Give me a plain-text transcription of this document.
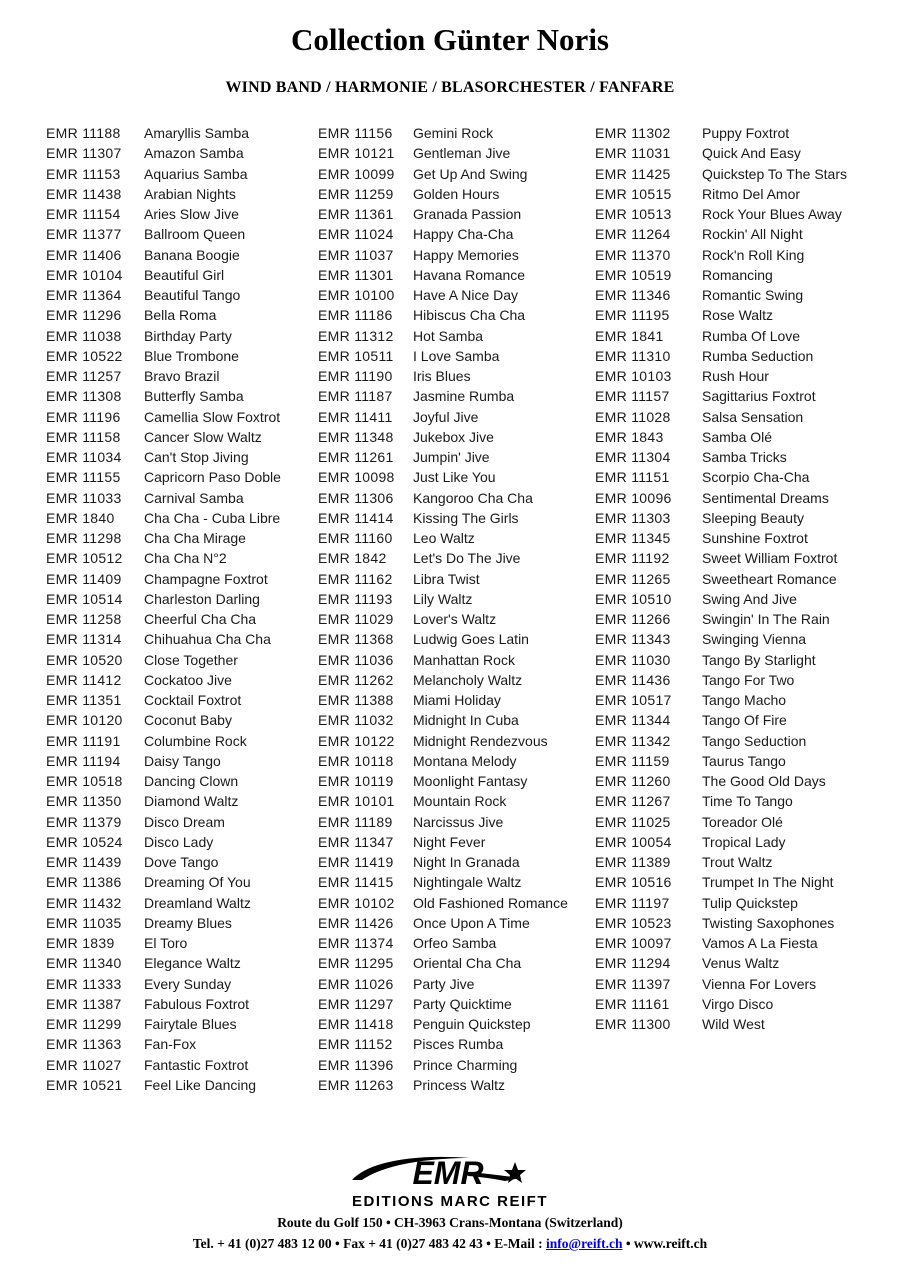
Collection Günter Noris
WIND BAND / HARMONIE / BLASORCHESTER / FANFARE
EMR 11188	Amaryllis Samba
EMR 11307	Amazon Samba
EMR 11153	Aquarius Samba
EMR 11438	Arabian Nights
EMR 11154	Aries Slow Jive
EMR 11377	Ballroom Queen
EMR 11406	Banana Boogie
EMR 10104	Beautiful Girl
EMR 11364	Beautiful Tango
EMR 11296	Bella Roma
EMR 11038	Birthday Party
EMR 10522	Blue Trombone
EMR 11257	Bravo Brazil
EMR 11308	Butterfly Samba
EMR 11196	Camellia Slow Foxtrot
EMR 11158	Cancer Slow Waltz
EMR 11034	Can't Stop Jiving
EMR 11155	Capricorn Paso Doble
EMR 11033	Carnival Samba
EMR 1840	Cha Cha - Cuba Libre
EMR 11298	Cha Cha Mirage
EMR 10512	Cha Cha N°2
EMR 11409	Champagne Foxtrot
EMR 10514	Charleston Darling
EMR 11258	Cheerful Cha Cha
EMR 11314	Chihuahua Cha Cha
EMR 10520	Close Together
EMR 11412	Cockatoo Jive
EMR 11351	Cocktail Foxtrot
EMR 10120	Coconut Baby
EMR 11191	Columbine Rock
EMR 11194	Daisy Tango
EMR 10518	Dancing Clown
EMR 11350	Diamond Waltz
EMR 11379	Disco Dream
EMR 10524	Disco Lady
EMR 11439	Dove Tango
EMR 11386	Dreaming Of You
EMR 11432	Dreamland Waltz
EMR 11035	Dreamy Blues
EMR 1839	El Toro
EMR 11340	Elegance Waltz
EMR 11333	Every Sunday
EMR 11387	Fabulous Foxtrot
EMR 11299	Fairytale Blues
EMR 11363	Fan-Fox
EMR 11027	Fantastic Foxtrot
EMR 10521	Feel Like Dancing
EMR 11156	Gemini Rock
EMR 10121	Gentleman Jive
EMR 10099	Get Up And Swing
EMR 11259	Golden Hours
EMR 11361	Granada Passion
EMR 11024	Happy Cha-Cha
EMR 11037	Happy Memories
EMR 11301	Havana Romance
EMR 10100	Have A Nice Day
EMR 11186	Hibiscus Cha Cha
EMR 11312	Hot Samba
EMR 10511	I Love Samba
EMR 11190	Iris Blues
EMR 11187	Jasmine Rumba
EMR 11411	Joyful Jive
EMR 11348	Jukebox Jive
EMR 11261	Jumpin' Jive
EMR 10098	Just Like You
EMR 11306	Kangoroo Cha Cha
EMR 11414	Kissing The Girls
EMR 11160	Leo Waltz
EMR 1842	Let's Do The Jive
EMR 11162	Libra Twist
EMR 11193	Lily Waltz
EMR 11029	Lover's Waltz
EMR 11368	Ludwig Goes Latin
EMR 11036	Manhattan Rock
EMR 11262	Melancholy Waltz
EMR 11388	Miami Holiday
EMR 11032	Midnight In Cuba
EMR 10122	Midnight Rendezvous
EMR 10118	Montana Melody
EMR 10119	Moonlight Fantasy
EMR 10101	Mountain Rock
EMR 11189	Narcissus Jive
EMR 11347	Night Fever
EMR 11419	Night In Granada
EMR 11415	Nightingale Waltz
EMR 10102	Old Fashioned Romance
EMR 11426	Once Upon A Time
EMR 11374	Orfeo Samba
EMR 11295	Oriental Cha Cha
EMR 11026	Party Jive
EMR 11297	Party Quicktime
EMR 11418	Penguin Quickstep
EMR 11152	Pisces Rumba
EMR 11396	Prince Charming
EMR 11263	Princess Waltz
EMR 11302	Puppy Foxtrot
EMR 11031	Quick And Easy
EMR 11425	Quickstep To The Stars
EMR 10515	Ritmo Del Amor
EMR 10513	Rock Your Blues Away
EMR 11264	Rockin' All Night
EMR 11370	Rock'n Roll King
EMR 10519	Romancing
EMR 11346	Romantic Swing
EMR 11195	Rose Waltz
EMR 1841	Rumba Of Love
EMR 11310	Rumba Seduction
EMR 10103	Rush Hour
EMR 11157	Sagittarius Foxtrot
EMR 11028	Salsa Sensation
EMR 1843	Samba Olé
EMR 11304	Samba Tricks
EMR 11151	Scorpio Cha-Cha
EMR 10096	Sentimental Dreams
EMR 11303	Sleeping Beauty
EMR 11345	Sunshine Foxtrot
EMR 11192	Sweet William Foxtrot
EMR 11265	Sweetheart Romance
EMR 10510	Swing And Jive
EMR 11266	Swingin' In The Rain
EMR 11343	Swinging Vienna
EMR 11030	Tango By Starlight
EMR 11436	Tango For Two
EMR 10517	Tango Macho
EMR 11344	Tango Of Fire
EMR 11342	Tango Seduction
EMR 11159	Taurus Tango
EMR 11260	The Good Old Days
EMR 11267	Time To Tango
EMR 11025	Toreador Olé
EMR 10054	Tropical Lady
EMR 11389	Trout Waltz
EMR 10516	Trumpet In The Night
EMR 11197	Tulip Quickstep
EMR 10523	Twisting Saxophones
EMR 10097	Vamos A La Fiesta
EMR 11294	Venus Waltz
EMR 11397	Vienna For Lovers
EMR 11161	Virgo Disco
EMR 11300	Wild West
EMR
EDITIONS MARC REIFT
Route du Golf 150 • CH-3963 Crans-Montana (Switzerland)
Tel. + 41 (0)27 483 12 00 • Fax + 41 (0)27 483 42 43 • E-Mail : info@reift.ch • www.reift.ch
